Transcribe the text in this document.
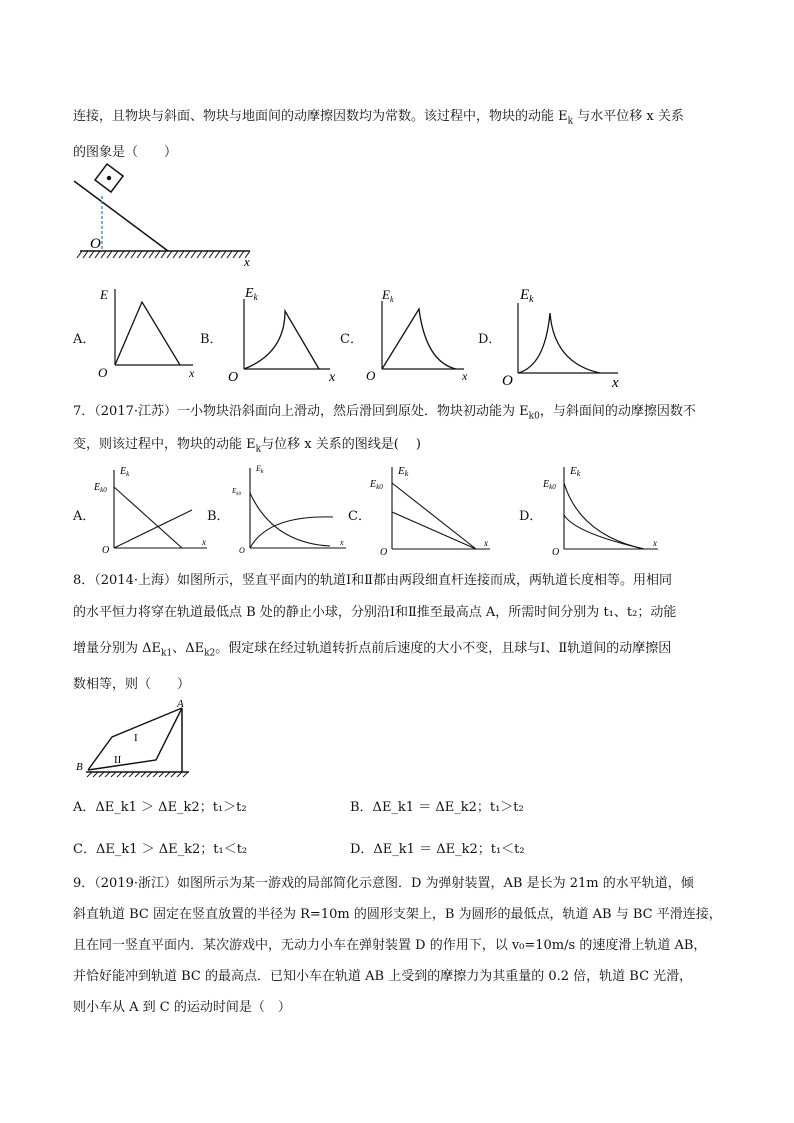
连接，且物块与斜面、物块与地面间的动摩擦因数均为常数。该过程中，物块的动能 $E_k$ 与水平位移 x 关系
的图象是（　　）
O
x
A．
E
O	x
B．
$E_k$
O	x
C．
$E_k$
O	x
D．
$E_k$
O	x
7．（2017·江苏）一小物块沿斜面向上滑动，然后滑回到原处．物块初动能为 $E_{k0}$，与斜面间的动摩擦因数不
变，则该过程中，物块的动能 $E_k$与位移 x 关系的图线是(　 )
A．
$E_k$
$E_{k0}$
O
x
B．
$E_k$
$E_{k0}$
O
x
C．
Ek
$E_{k0}$
O
x
D．
Ek
$E_{k0}$
O
x
8．（2014·上海）如图所示，竖直平面内的轨道Ⅰ和Ⅱ都由两段细直杆连接而成，两轨道长度相等。用相同
的水平恒力将穿在轨道最低点 B 处的静止小球，分别沿Ⅰ和Ⅱ推至最高点 A，所需时间分别为 t₁、t₂；动能
增量分别为 $\Delta E_{k1}$、$\Delta E_{k2}$。假定球在经过轨道转折点前后速度的大小不变，且球与Ⅰ、Ⅱ轨道间的动摩擦因
数相等，则（　　）
A
B
I
II
A．ΔE_k1 ＞ ΔE_k2；t₁＞t₂	B．ΔE_k1 ＝ ΔE_k2；t₁＞t₂
C．ΔE_k1 ＞ ΔE_k2；t₁＜t₂	D．ΔE_k1 ＝ ΔE_k2；t₁＜t₂
9．（2019·浙江）如图所示为某一游戏的局部简化示意图．D 为弹射装置，AB 是长为 21m 的水平轨道，倾
斜直轨道 BC 固定在竖直放置的半径为 R=10m 的圆形支架上，B 为圆形的最低点，轨道 AB 与 BC 平滑连接，
且在同一竖直平面内．某次游戏中，无动力小车在弹射装置 D 的作用下，以 v₀=10m/s 的速度滑上轨道 AB，
并恰好能冲到轨道 BC 的最高点．已知小车在轨道 AB 上受到的摩擦力为其重量的 0.2 倍，轨道 BC 光滑，
则小车从 A 到 C 的运动时间是（　）
